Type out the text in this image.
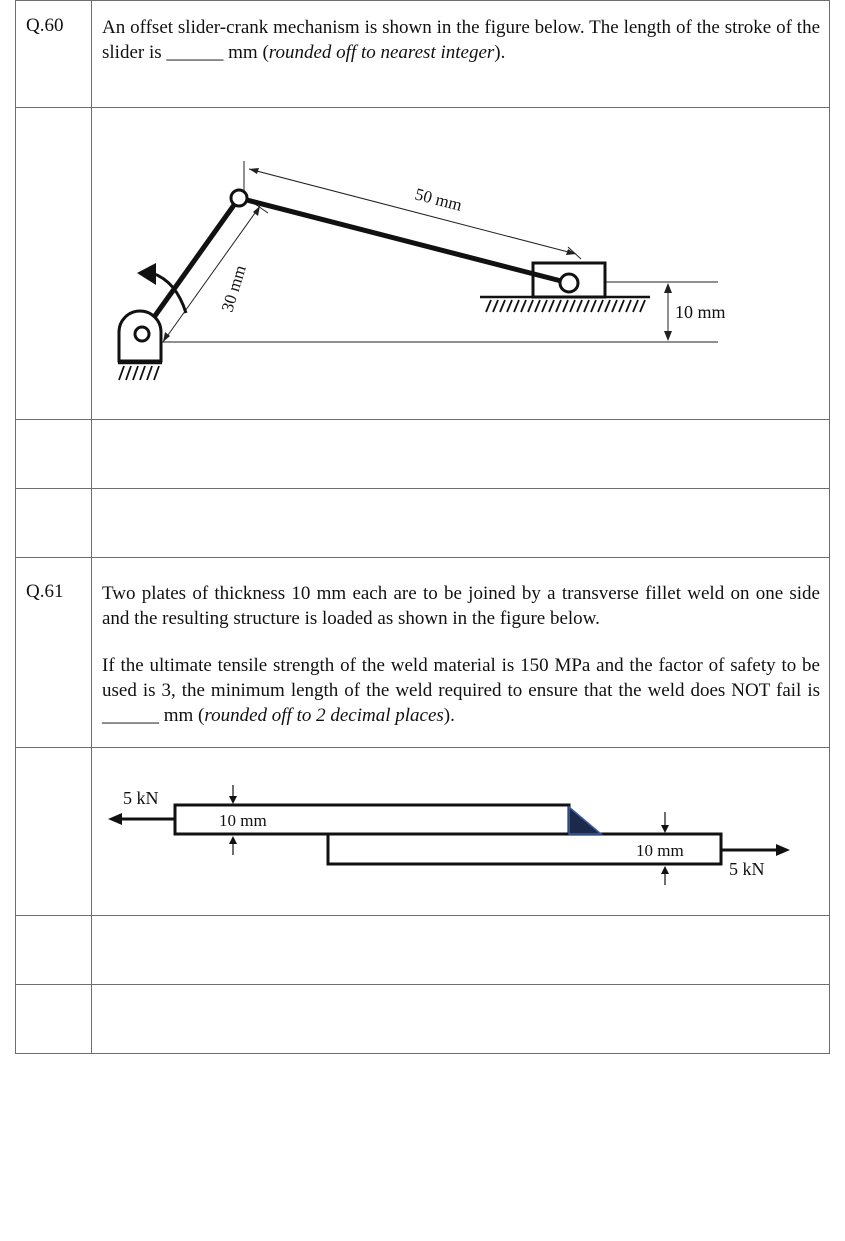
Q.60	An offset slider-crank mechanism is shown in the figure below. The length of the stroke of the slider is ______ mm (rounded off to nearest integer).

50 mm
30 mm 10 mm

Q.61	Two plates of thickness 10 mm each are to be joined by a transverse fillet weld on one side and the resulting structure is loaded as shown in the figure below.

If the ultimate tensile strength of the weld material is 150 MPa and the factor of safety to be used is 3, the minimum length of the weld required to ensure that the weld does NOT fail is ______ mm (rounded off to 2 decimal places).

5 kN
10 mm
10 mm
5 kN
